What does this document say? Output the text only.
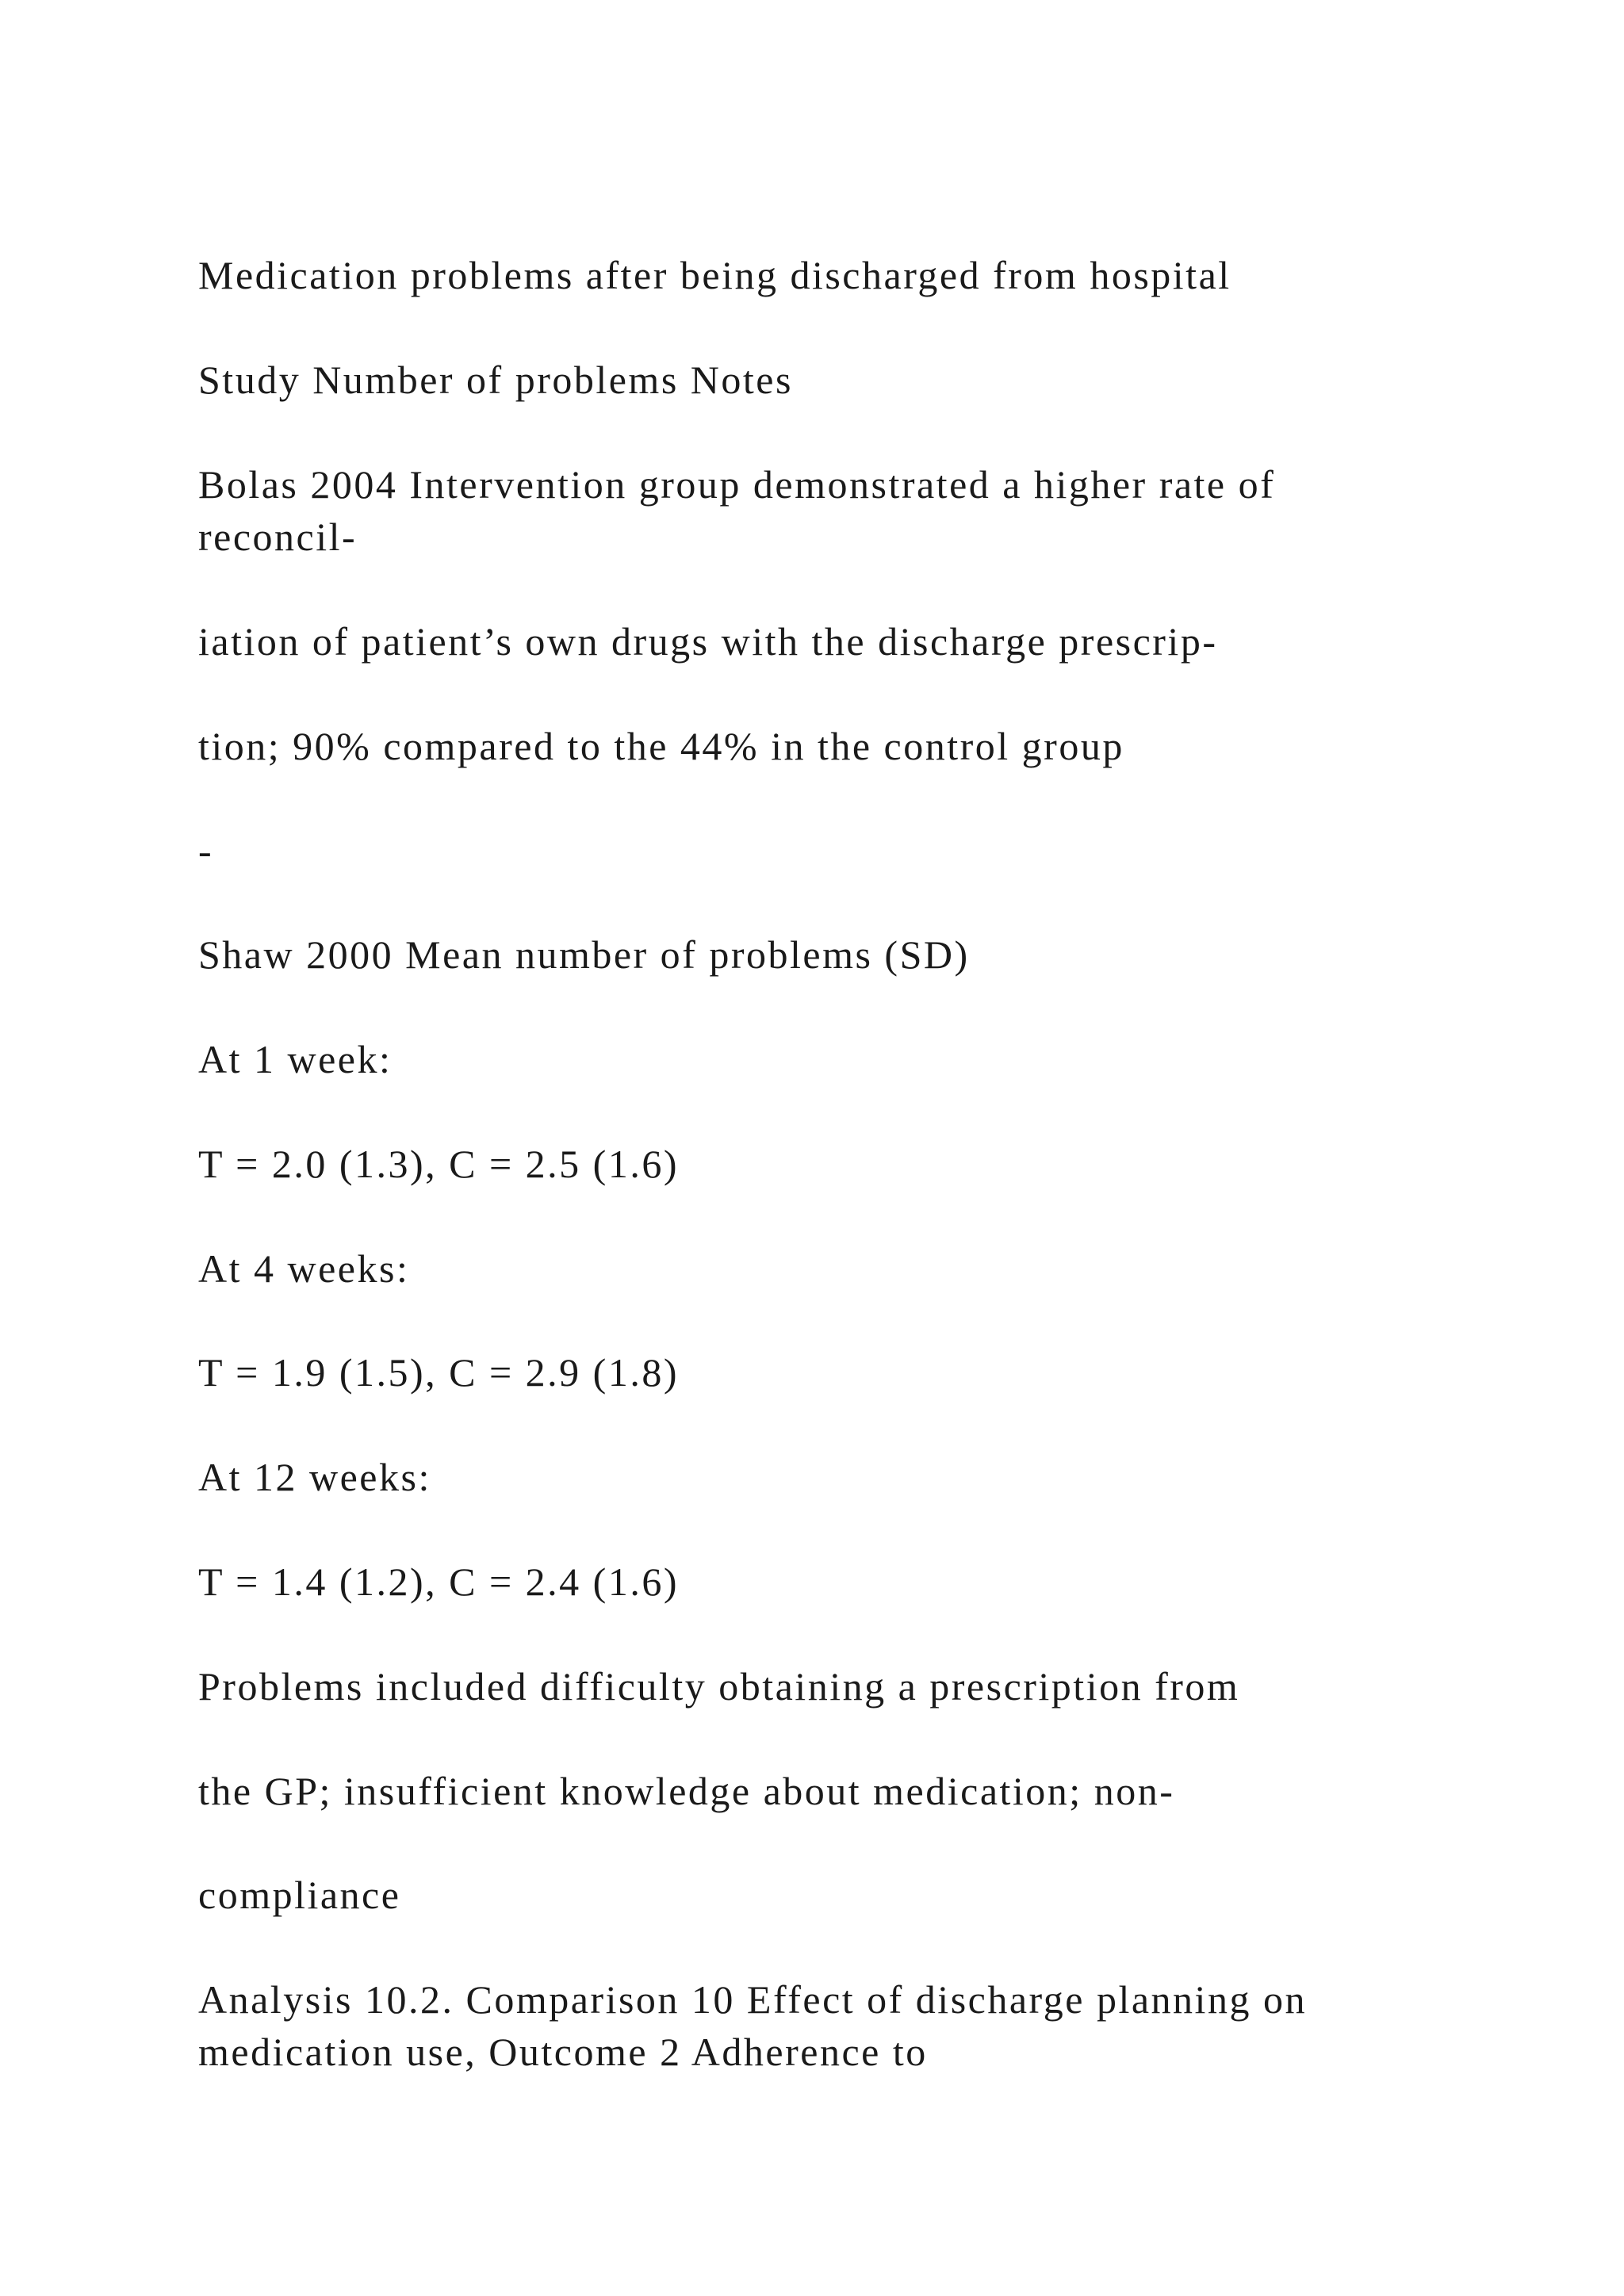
Medication problems after being discharged from hospital

Study Number of problems Notes

Bolas 2004 Intervention group demonstrated a higher rate of reconcil-

iation of patient’s own drugs with the discharge prescrip-

tion; 90% compared to the 44% in the control group

-

Shaw 2000 Mean number of problems (SD)

At 1 week:

T = 2.0 (1.3), C = 2.5 (1.6)

At 4 weeks:

T = 1.9 (1.5), C = 2.9 (1.8)

At 12 weeks:

T = 1.4 (1.2), C = 2.4 (1.6)

Problems included difficulty obtaining a prescription from

the GP; insufficient knowledge about medication; non-

compliance

Analysis 10.2. Comparison 10 Effect of discharge planning on medication use, Outcome 2 Adherence to
